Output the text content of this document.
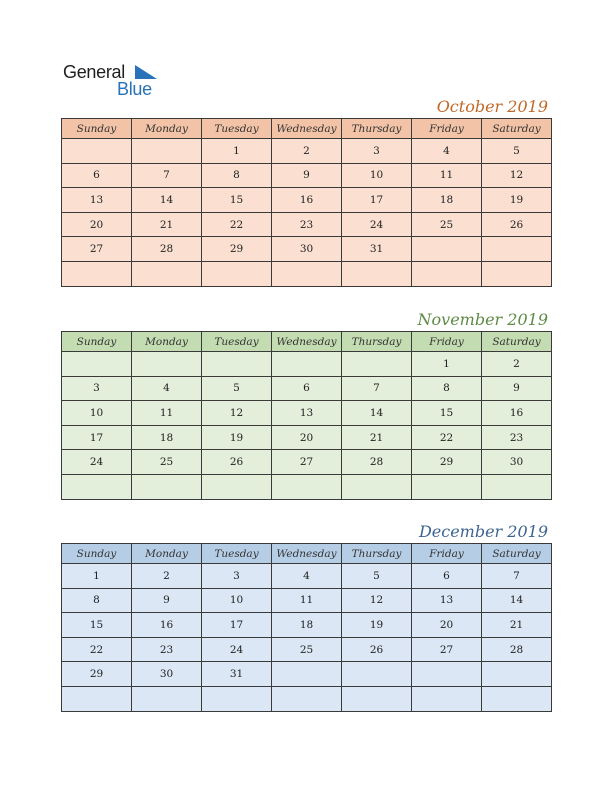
General
Blue
October 2019
Sunday	Monday	Tuesday	Wednesday	Thursday	Friday	Saturday
		1	2	3	4	5
6	7	8	9	10	11	12
13	14	15	16	17	18	19
20	21	22	23	24	25	26
27	28	29	30	31		

November 2019
Sunday	Monday	Tuesday	Wednesday	Thursday	Friday	Saturday
					1	2
3	4	5	6	7	8	9
10	11	12	13	14	15	16
17	18	19	20	21	22	23
24	25	26	27	28	29	30

December 2019
Sunday	Monday	Tuesday	Wednesday	Thursday	Friday	Saturday
1	2	3	4	5	6	7
8	9	10	11	12	13	14
15	16	17	18	19	20	21
22	23	24	25	26	27	28
29	30	31				
